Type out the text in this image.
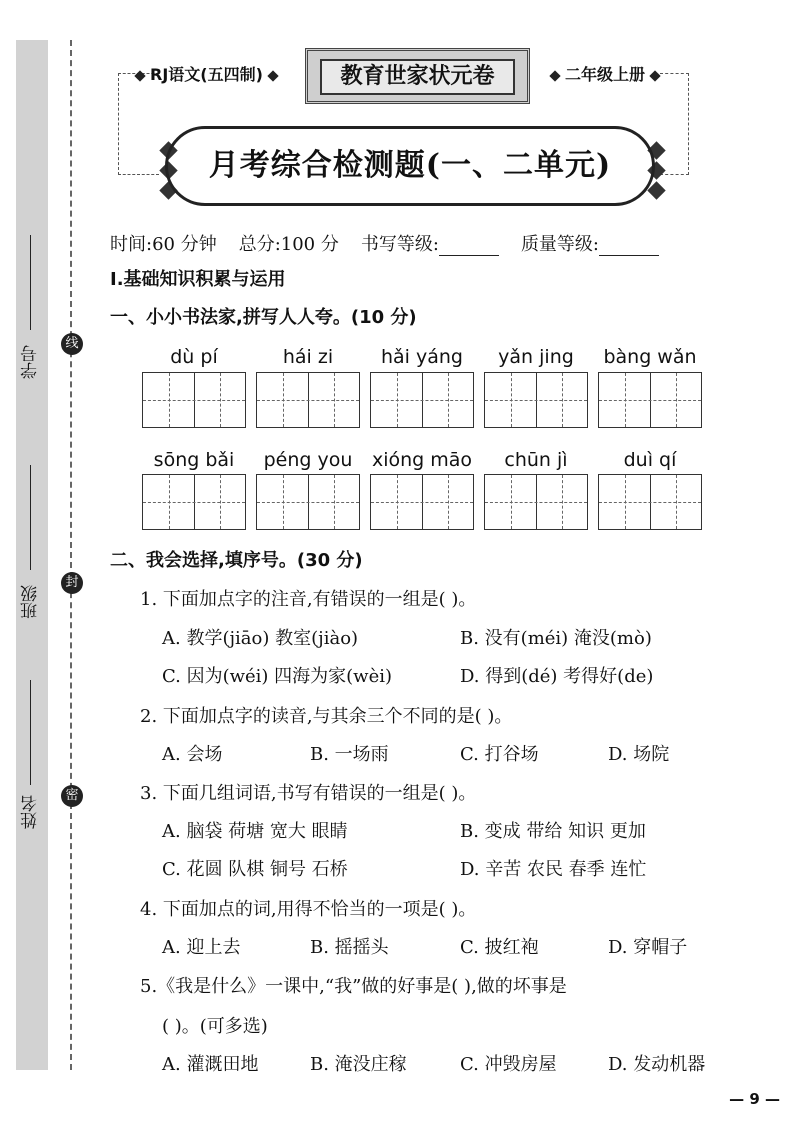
学号
班级
姓名
线
封
密
RJ语文(五四制)	教育世家状元卷	二年级上册
月考综合检测题(一、二单元)
时间:60 分钟 总分:100 分 书写等级:	质量等级:
Ⅰ.基础知识积累与运用
一、小小书法家,拼写人人夸。(10 分)
dù pí	hái zi	hǎi yáng	yǎn jing	bàng wǎn
sōng bǎi	péng you	xióng māo	chūn jì	duì qí
二、我会选择,填序号。(30 分)
1. 下面加点字的注音,有错误的一组是( )。
A. 教学(jiāo) 教室(jiào)	B. 没有(méi) 淹没(mò)
C. 因为(wéi) 四海为家(wèi)	D. 得到(dé) 考得好(de)
2. 下面加点字的读音,与其余三个不同的是( )。
A. 会场	B. 一场雨	C. 打谷场	D. 场院
3. 下面几组词语,书写有错误的一组是( )。
A. 脑袋 荷塘 宽大 眼睛	B. 变成 带给 知识 更加
C. 花圆 队棋 铜号 石桥	D. 辛苦 农民 春季 连忙
4. 下面加点的词,用得不恰当的一项是( )。
A. 迎上去	B. 摇摇头	C. 披红袍	D. 穿帽子
5.《我是什么》一课中,“我”做的好事是( ),做的坏事是
( )。(可多选)
A. 灌溉田地	B. 淹没庄稼	C. 冲毁房屋	D. 发动机器
— 9 —
